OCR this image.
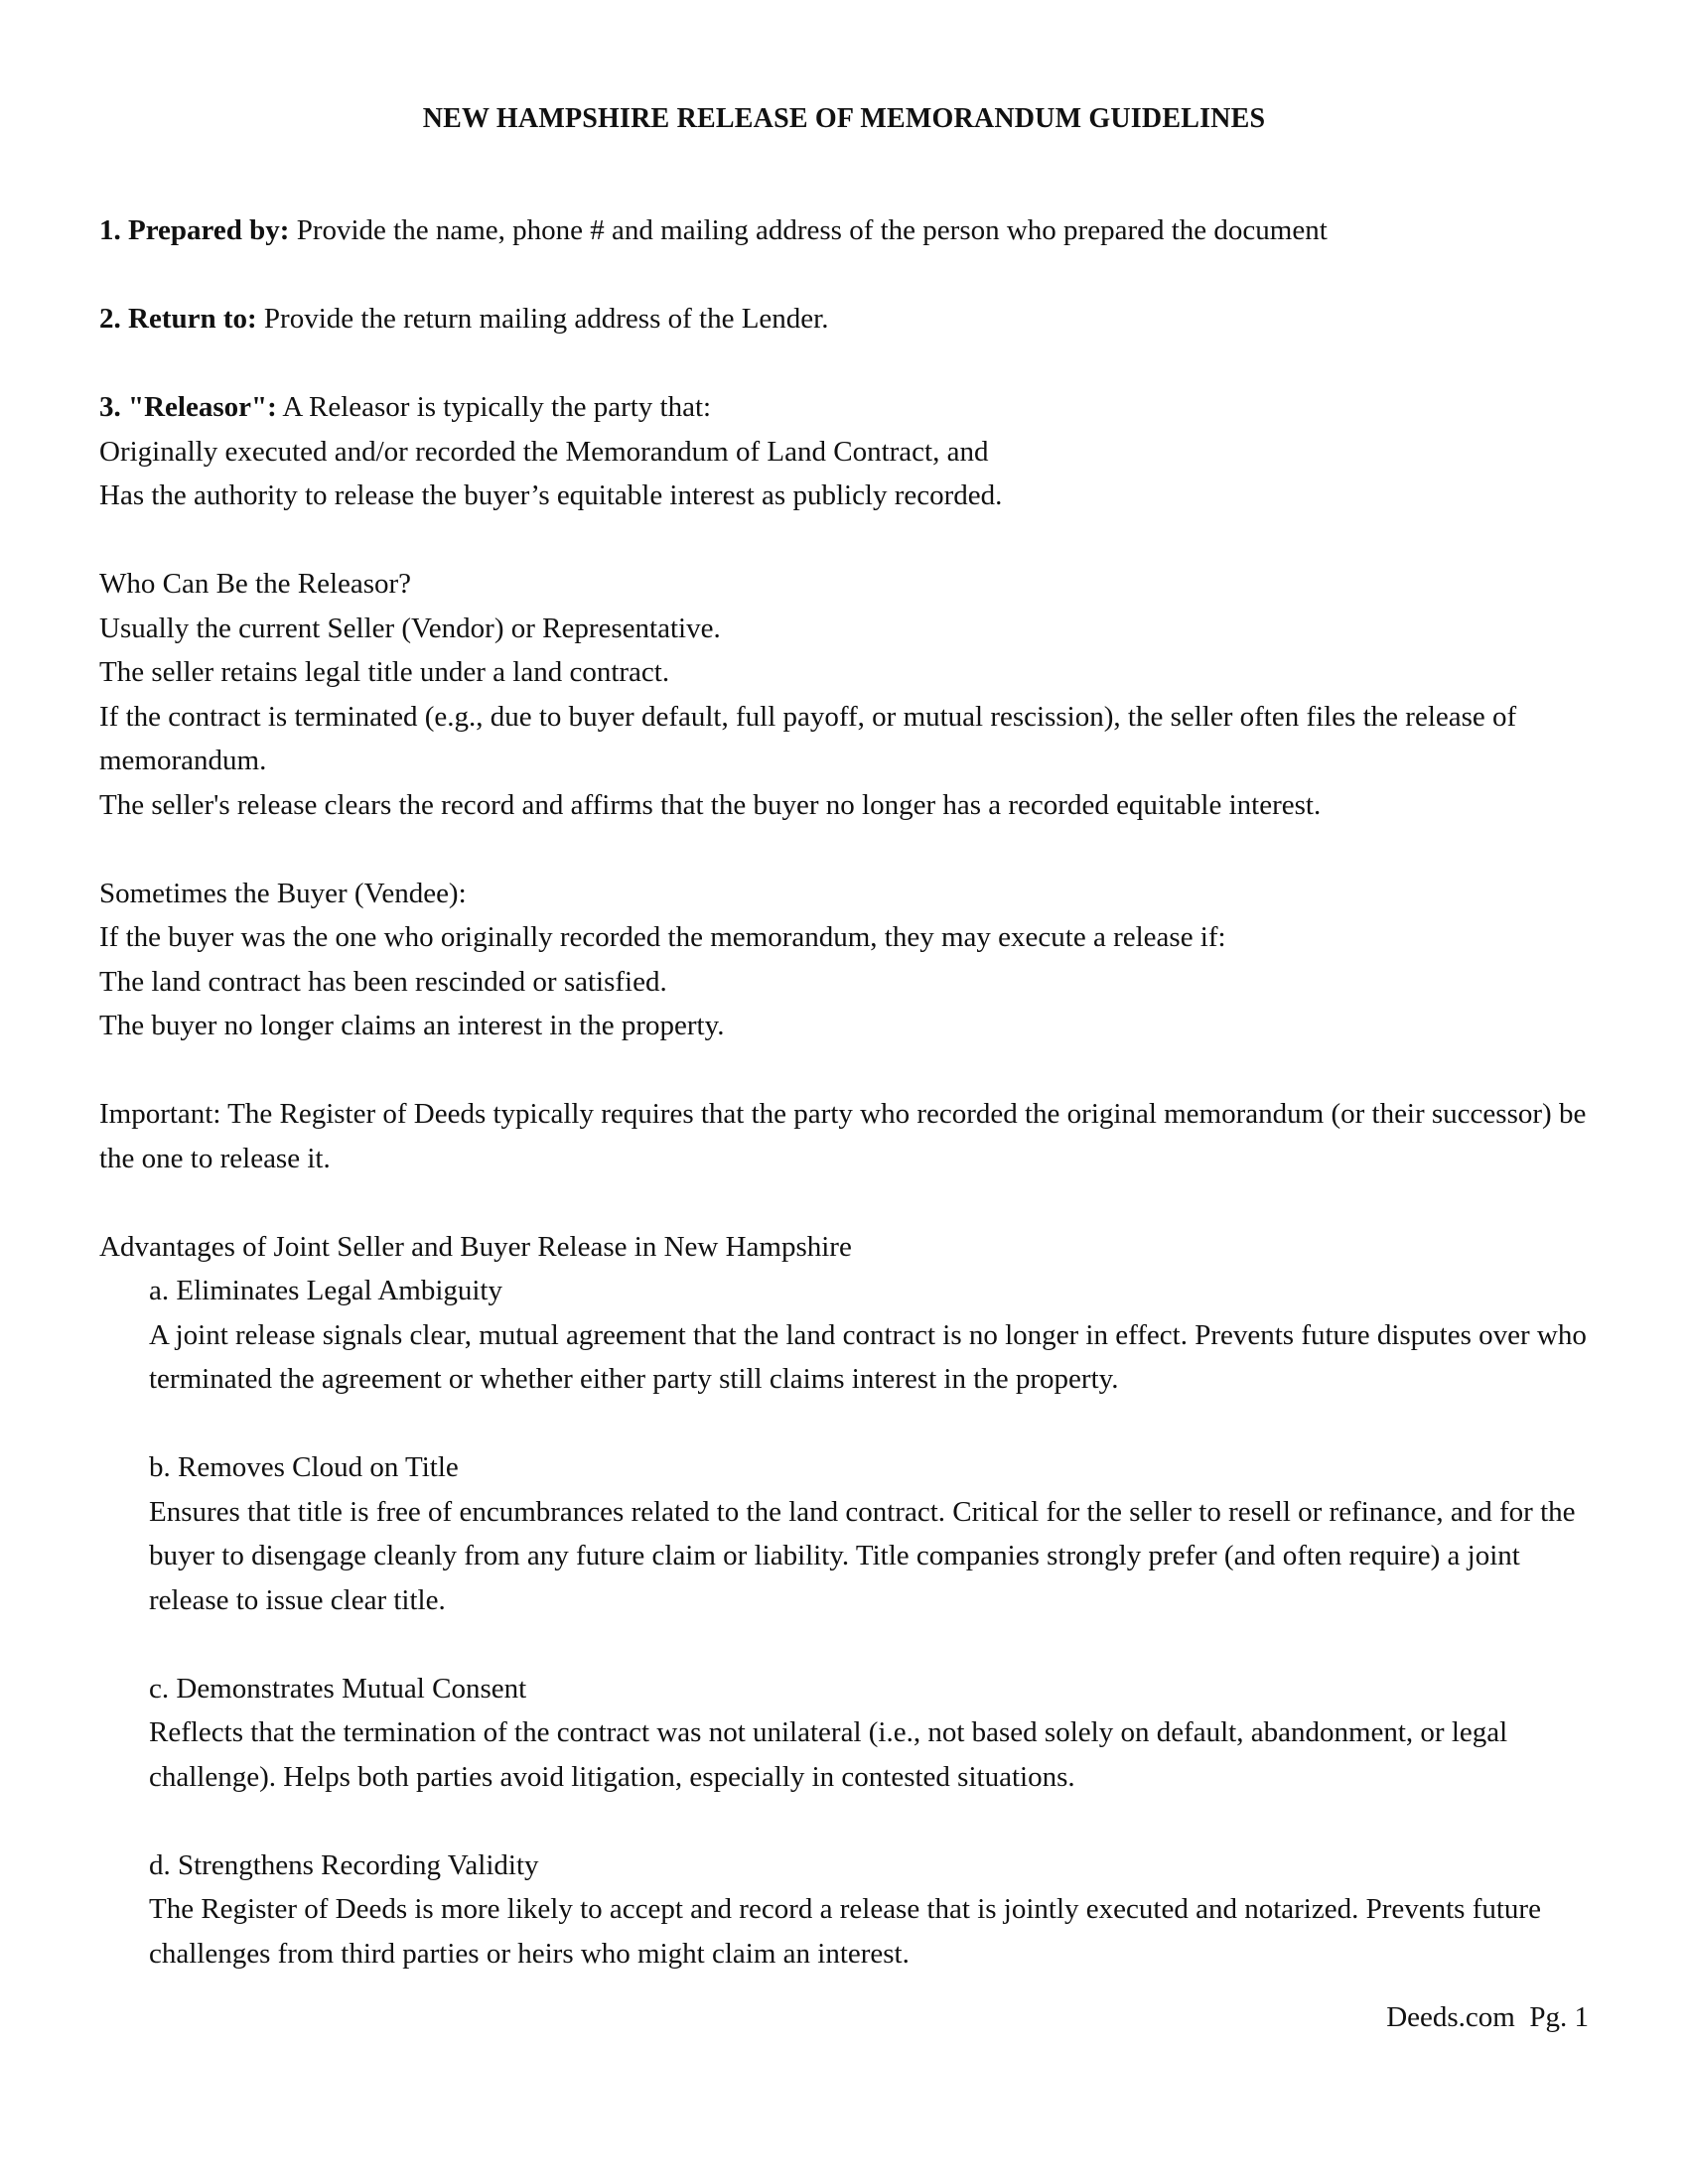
NEW HAMPSHIRE RELEASE OF MEMORANDUM GUIDELINES

1. Prepared by: Provide the name, phone # and mailing address of the person who prepared the document

2. Return to: Provide the return mailing address of the Lender.

3. "Releasor": A Releasor is typically the party that:

Originally executed and/or recorded the Memorandum of Land Contract, and

Has the authority to release the buyer’s equitable interest as publicly recorded.

Who Can Be the Releasor?

Usually the current Seller (Vendor) or Representative.

The seller retains legal title under a land contract.

If the contract is terminated (e.g., due to buyer default, full payoff, or mutual rescission), the seller often files the release of memorandum.

The seller's release clears the record and affirms that the buyer no longer has a recorded equitable interest.

Sometimes the Buyer (Vendee):

If the buyer was the one who originally recorded the memorandum, they may execute a release if:

The land contract has been rescinded or satisfied.

The buyer no longer claims an interest in the property.

Important: The Register of Deeds typically requires that the party who recorded the original memorandum (or their successor) be the one to release it.

Advantages of Joint Seller and Buyer Release in New Hampshire

a. Eliminates Legal Ambiguity

A joint release signals clear, mutual agreement that the land contract is no longer in effect. Prevents future disputes over who terminated the agreement or whether either party still claims interest in the property.

b. Removes Cloud on Title

Ensures that title is free of encumbrances related to the land contract. Critical for the seller to resell or refinance, and for the buyer to disengage cleanly from any future claim or liability. Title companies strongly prefer (and often require) a joint release to issue clear title.

c. Demonstrates Mutual Consent

Reflects that the termination of the contract was not unilateral (i.e., not based solely on default, abandonment, or legal challenge). Helps both parties avoid litigation, especially in contested situations.

d. Strengthens Recording Validity

The Register of Deeds is more likely to accept and record a release that is jointly executed and notarized. Prevents future challenges from third parties or heirs who might claim an interest.

Deeds.com Pg. 1
